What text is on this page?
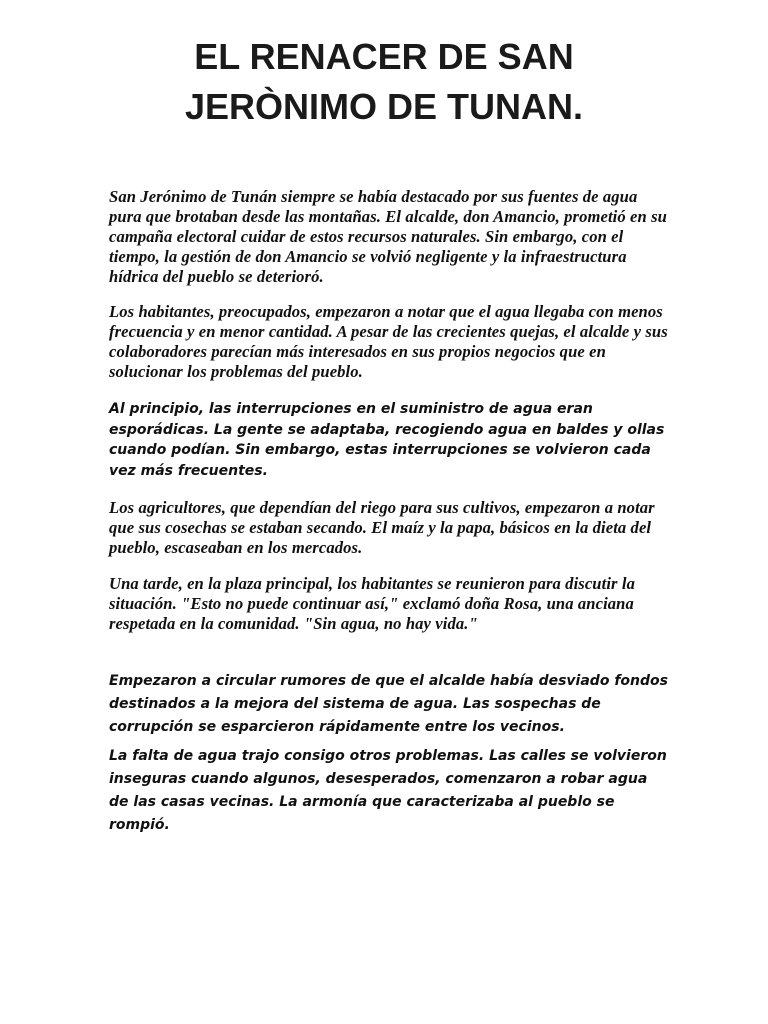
EL RENACER DE SAN
JERÒNIMO DE TUNAN.

San Jerónimo de Tunán siempre se había destacado por sus fuentes de agua pura que brotaban desde las montañas. El alcalde, don Amancio, prometió en su campaña electoral cuidar de estos recursos naturales. Sin embargo, con el tiempo, la gestión de don Amancio se volvió negligente y la infraestructura hídrica del pueblo se deterioró.

Los habitantes, preocupados, empezaron a notar que el agua llegaba con menos frecuencia y en menor cantidad. A pesar de las crecientes quejas, el alcalde y sus colaboradores parecían más interesados en sus propios negocios que en solucionar los problemas del pueblo.

Al principio, las interrupciones en el suministro de agua eran esporádicas. La gente se adaptaba, recogiendo agua en baldes y ollas cuando podían. Sin embargo, estas interrupciones se volvieron cada vez más frecuentes.

Los agricultores, que dependían del riego para sus cultivos, empezaron a notar que sus cosechas se estaban secando. El maíz y la papa, básicos en la dieta del pueblo, escaseaban en los mercados.

Una tarde, en la plaza principal, los habitantes se reunieron para discutir la situación. "Esto no puede continuar así," exclamó doña Rosa, una anciana respetada en la comunidad. "Sin agua, no hay vida."

Empezaron a circular rumores de que el alcalde había desviado fondos destinados a la mejora del sistema de agua. Las sospechas de corrupción se esparcieron rápidamente entre los vecinos.

La falta de agua trajo consigo otros problemas. Las calles se volvieron inseguras cuando algunos, desesperados, comenzaron a robar agua de las casas vecinas. La armonía que caracterizaba al pueblo se rompió.
